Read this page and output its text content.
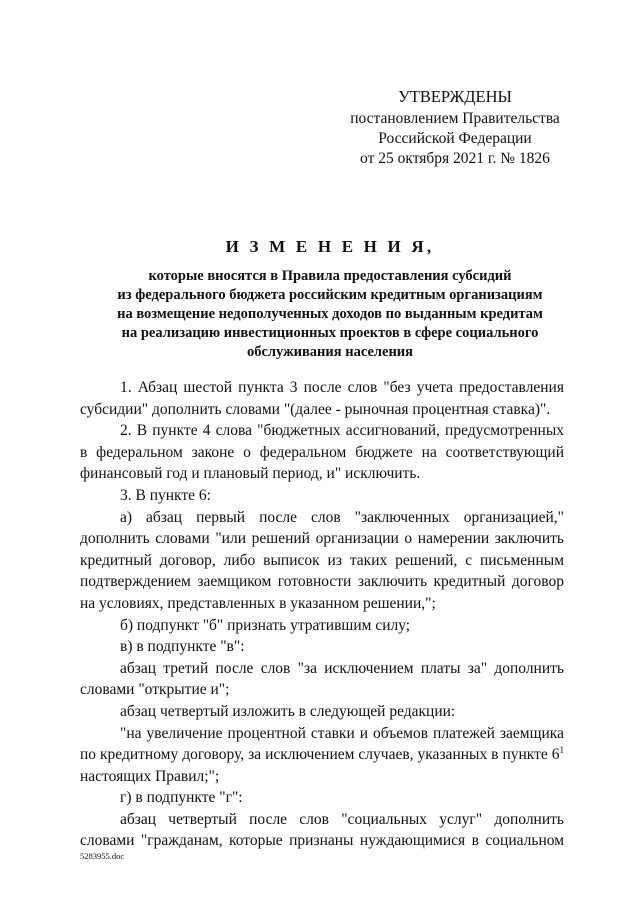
УТВЕРЖДЕНЫ
постановлением Правительства
Российской Федерации
от 25 октября 2021 г. № 1826
И З М Е Н Е Н И Я,
которые вносятся в Правила предоставления субсидий
из федерального бюджета российским кредитным организациям
на возмещение недополученных доходов по выданным кредитам
на реализацию инвестиционных проектов в сфере социального
обслуживания населения

1. Абзац шестой пункта 3 после слов "без учета предоставления субсидии" дополнить словами "(далее - рыночная процентная ставка)".

2. В пункте 4 слова "бюджетных ассигнований, предусмотренных в федеральном законе о федеральном бюджете на соответствующий финансовый год и плановый период, и" исключить.

3. В пункте 6:

а) абзац первый после слов "заключенных организацией," дополнить словами "или решений организации о намерении заключить кредитный договор, либо выписок из таких решений, с письменным подтверждением заемщиком готовности заключить кредитный договор на условиях, представленных в указанном решении,";

б) подпункт "б" признать утратившим силу;

в) в подпункте "в":

абзац третий после слов "за исключением платы за" дополнить словами "открытие и";

абзац четвертый изложить в следующей редакции:

"на увеличение процентной ставки и объемов платежей заемщика по кредитному договору, за исключением случаев, указанных в пункте $6^1$

настоящих Правил;";

г) в подпункте "г":

абзац четвертый после слов "социальных услуг" дополнить словами "гражданам, которые признаны нуждающимися в социальном

5283955.doc
